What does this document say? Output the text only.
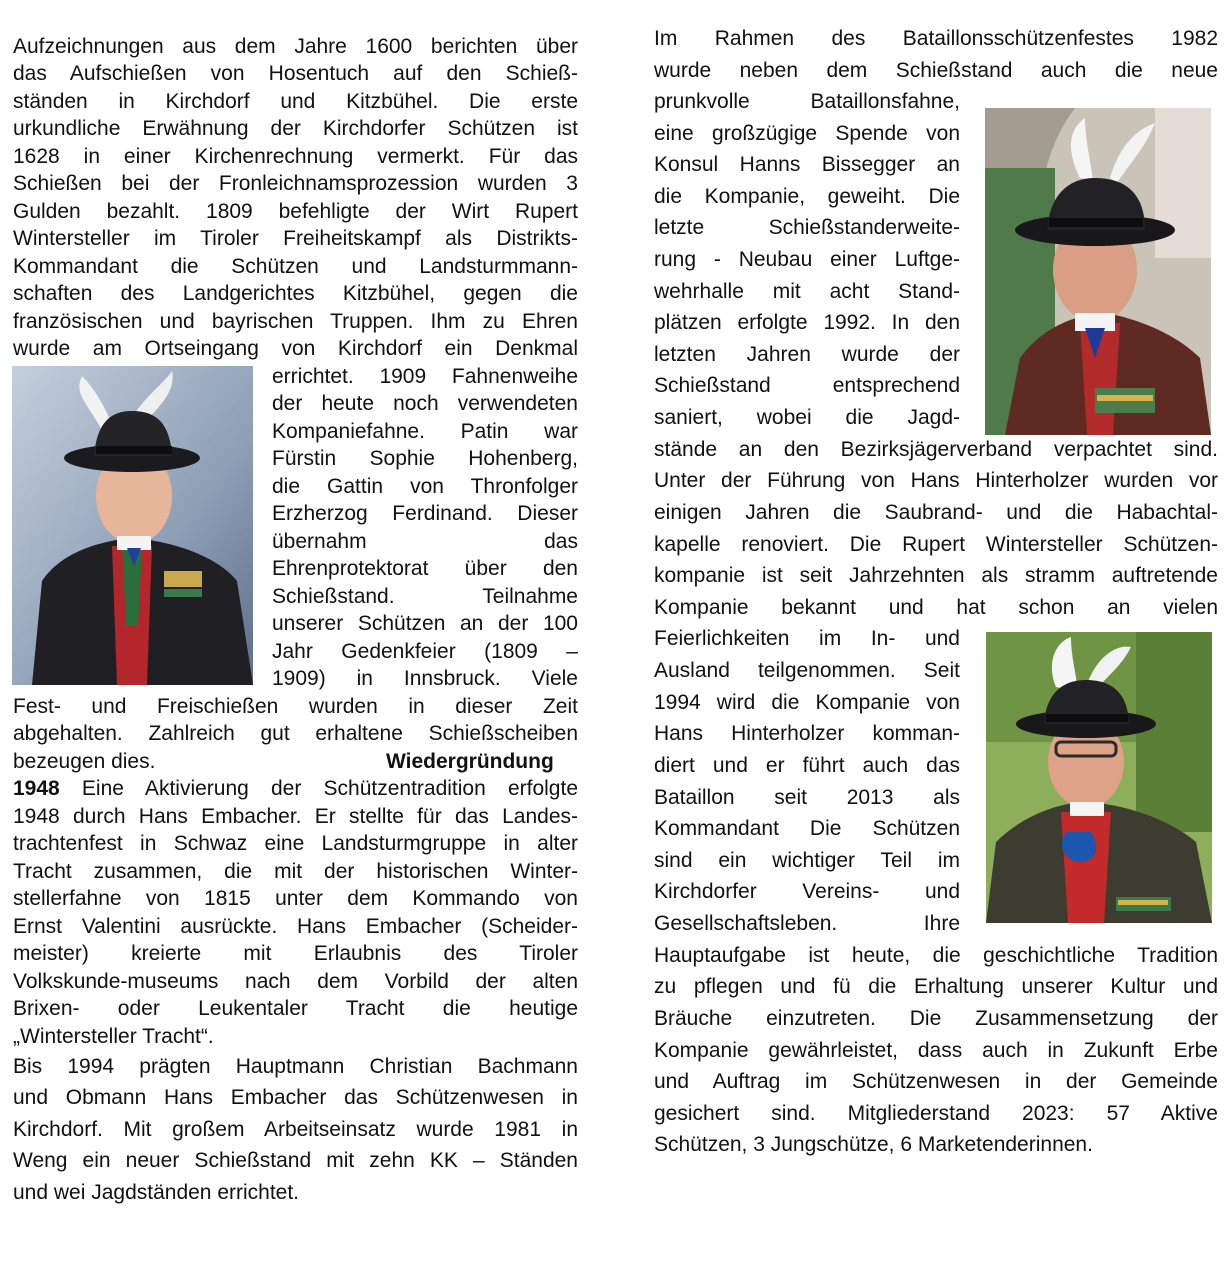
Aufzeichnungen aus dem Jahre 1600 berichten über
das Aufschießen von Hosentuch auf den Schieß-
ständen in Kirchdorf und Kitzbühel. Die erste
urkundliche Erwähnung der Kirchdorfer Schützen ist
1628 in einer Kirchenrechnung vermerkt. Für das
Schießen bei der Fronleichnamsprozession wurden 3
Gulden bezahlt. 1809 befehligte der Wirt Rupert
Wintersteller im Tiroler Freiheitskampf als Distrikts-
Kommandant die Schützen und Landsturmmann-
schaften des Landgerichtes Kitzbühel, gegen die
französischen und bayrischen Truppen. Ihm zu Ehren
wurde am Ortseingang von Kirchdorf ein Denkmal
errichtet. 1909 Fahnenweihe
der heute noch verwendeten
Kompaniefahne. Patin war
Fürstin Sophie Hohenberg,
die Gattin von Thronfolger
Erzherzog Ferdinand. Dieser
übernahm das
Ehrenprotektorat über den
Schießstand. Teilnahme
unserer Schützen an der 100
Jahr Gedenkfeier (1809 –
1909) in Innsbruck. Viele
Fest- und Freischießen wurden in dieser Zeit
abgehalten. Zahlreich gut erhaltene Schießscheiben
bezeugen dies.	Wiedergründung
1948 Eine Aktivierung der Schützentradition erfolgte
1948 durch Hans Embacher. Er stellte für das Landes-
trachtenfest in Schwaz eine Landsturmgruppe in alter
Tracht zusammen, die mit der historischen Winter-
stellerfahne von 1815 unter dem Kommando von
Ernst Valentini ausrückte. Hans Embacher (Scheider-
meister) kreierte mit Erlaubnis des Tiroler
Volkskunde-museums nach dem Vorbild der alten
Brixen- oder Leukentaler Tracht die heutige
„Wintersteller Tracht“.
Bis 1994 prägten Hauptmann Christian Bachmann
und Obmann Hans Embacher das Schützenwesen in
Kirchdorf. Mit großem Arbeitseinsatz wurde 1981 in
Weng ein neuer Schießstand mit zehn KK – Ständen
und wei Jagdständen errichtet.
Im Rahmen des Bataillonsschützenfestes 1982
wurde neben dem Schießstand auch die neue
prunkvolle Bataillonsfahne,
eine großzügige Spende von
Konsul Hanns Bissegger an
die Kompanie, geweiht. Die
letzte Schießstanderweite-
rung - Neubau einer Luftge-
wehrhalle mit acht Stand-
plätzen erfolgte 1992. In den
letzten Jahren wurde der
Schießstand entsprechend
saniert, wobei die Jagd-
stände an den Bezirksjägerverband verpachtet sind.
Unter der Führung von Hans Hinterholzer wurden vor
einigen Jahren die Saubrand- und die Habachtal-
kapelle renoviert. Die Rupert Wintersteller Schützen-
kompanie ist seit Jahrzehnten als stramm auftretende
Kompanie bekannt und hat schon an vielen
Feierlichkeiten im In- und
Ausland teilgenommen. Seit
1994 wird die Kompanie von
Hans Hinterholzer komman-
diert und er führt auch das
Bataillon seit 2013 als
Kommandant Die Schützen
sind ein wichtiger Teil im
Kirchdorfer Vereins- und
Gesellschaftsleben. Ihre
Hauptaufgabe ist heute, die geschichtliche Tradition
zu pflegen und fü die Erhaltung unserer Kultur und
Bräuche einzutreten. Die Zusammensetzung der
Kompanie gewährleistet, dass auch in Zukunft Erbe
und Auftrag im Schützenwesen in der Gemeinde
gesichert sind. Mitgliederstand 2023: 57 Aktive
Schützen, 3 Jungschütze, 6 Marketenderinnen.
